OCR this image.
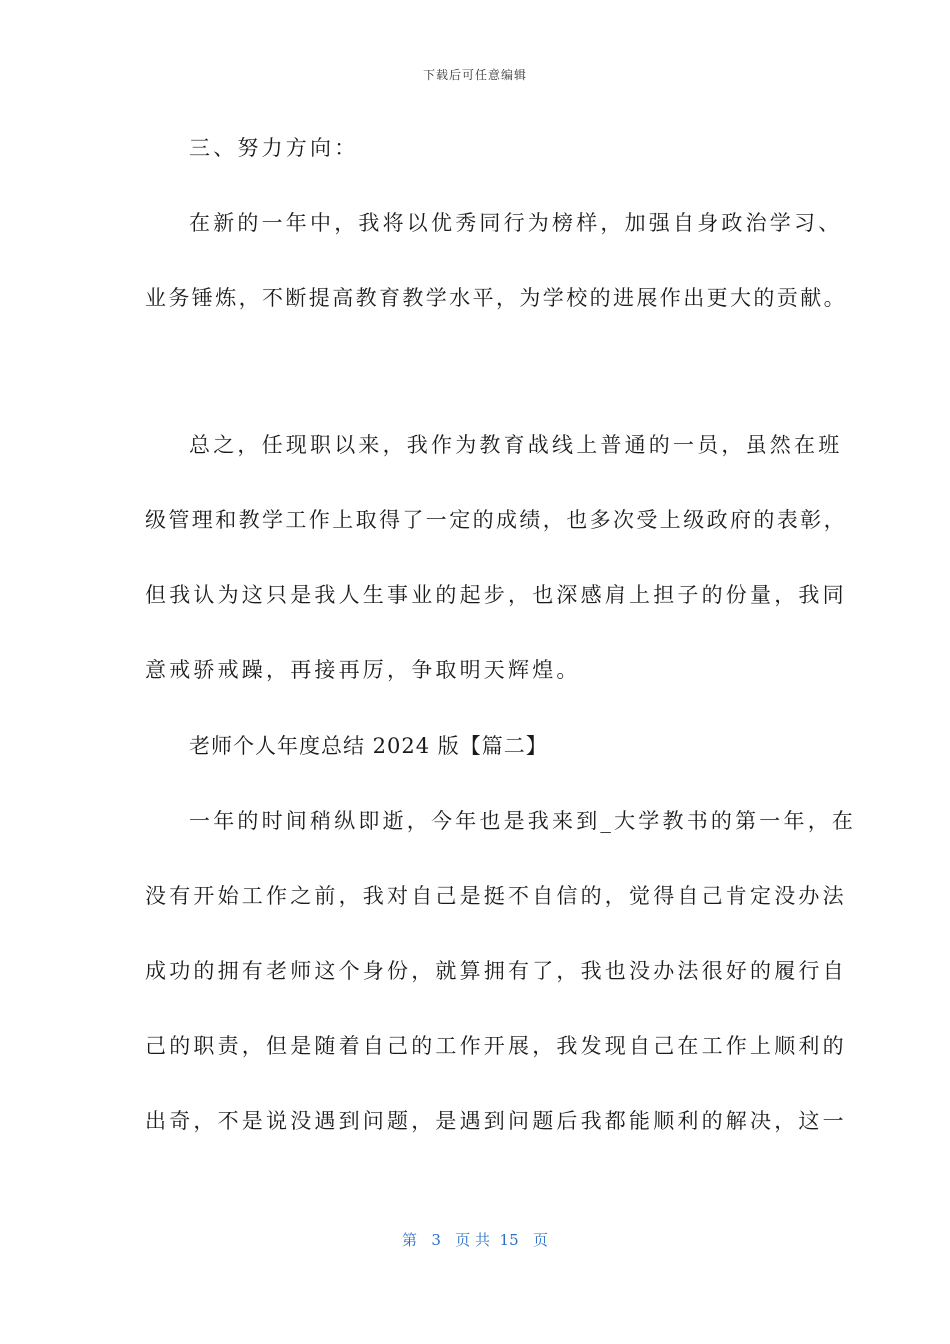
下载后可任意编辑
三、努力方向：
在新的一年中，我将以优秀同行为榜样，加强自身政治学习、
业务锤炼，不断提高教育教学水平，为学校的进展作出更大的贡献。
总之，任现职以来，我作为教育战线上普通的一员，虽然在班
级管理和教学工作上取得了一定的成绩，也多次受上级政府的表彰，
但我认为这只是我人生事业的起步，也深感肩上担子的份量，我同
意戒骄戒躁，再接再厉，争取明天辉煌。
老师个人年度总结 2024 版【篇二】
一年的时间稍纵即逝，今年也是我来到_大学教书的第一年，在
没有开始工作之前，我对自己是挺不自信的，觉得自己肯定没办法
成功的拥有老师这个身份，就算拥有了，我也没办法很好的履行自
己的职责，但是随着自己的工作开展，我发现自己在工作上顺利的
出奇，不是说没遇到问题，是遇到问题后我都能顺利的解决，这一
第 3 页 共 15 页
